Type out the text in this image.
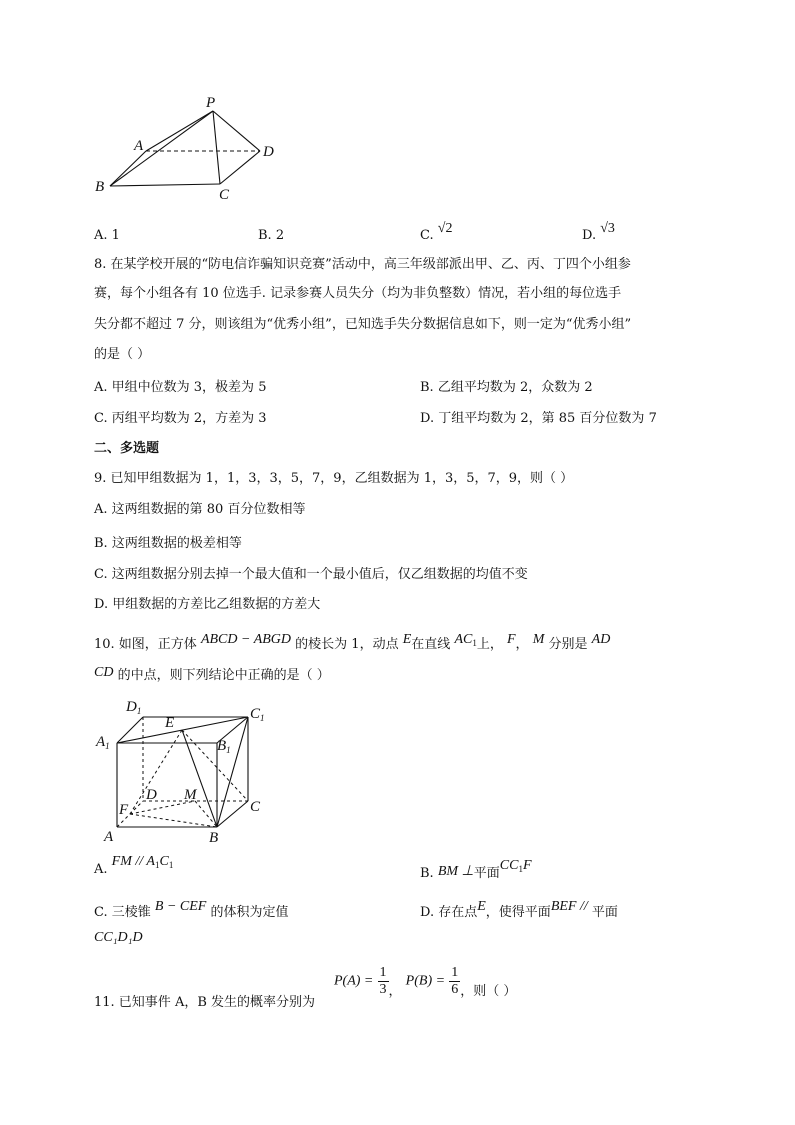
P
A
B	C
D
A. 1	B. 2	C. √2	D. √3
8. 在某学校开展的“防电信诈骗知识竞赛”活动中，高三年级部派出甲、乙、丙、丁四个小组参
赛，每个小组各有 10 位选手. 记录参赛人员失分（均为非负整数）情况，若小组的每位选手
失分都不超过 7 分，则该组为“优秀小组”，已知选手失分数据信息如下，则一定为“优秀小组”
的是（ ）
A. 甲组中位数为 3，极差为 5	B. 乙组平均数为 2，众数为 2
C. 丙组平均数为 2，方差为 3	D. 丁组平均数为 2，第 85 百分位数为 7
二、多选题
9. 已知甲组数据为 1，1，3，3，5，7，9，乙组数据为 1，3，5，7，9，则（ ）
A. 这两组数据的第 80 百分位数相等
B. 这两组数据的极差相等
C. 这两组数据分别去掉一个最大值和一个最小值后，仅乙组数据的均值不变
D. 甲组数据的方差比乙组数据的方差大
10. 如图，正方体 ABCD − ABGD 的棱长为 1，动点 E在直线 $AC_1$上， F， M 分别是 AD
CD 的中点，则下列结论中正确的是（ ）
$D_1$
E
$C_1$
$A_1$	$B_1$
D M
C
F
A	B
A. FM // $A_1C_1$
B. BM ⊥平面$CC_1F$
C. 三棱锥 B − CEF 的体积为定值	D. 存在点E，使得平面BEF // 平面
CC₁D₁D
11. 已知事件 A，B 发生的概率分别为
$P(A) = \frac{1}{3}$ ， $P(B) = \frac{1}{6}$ ，则（ ）
